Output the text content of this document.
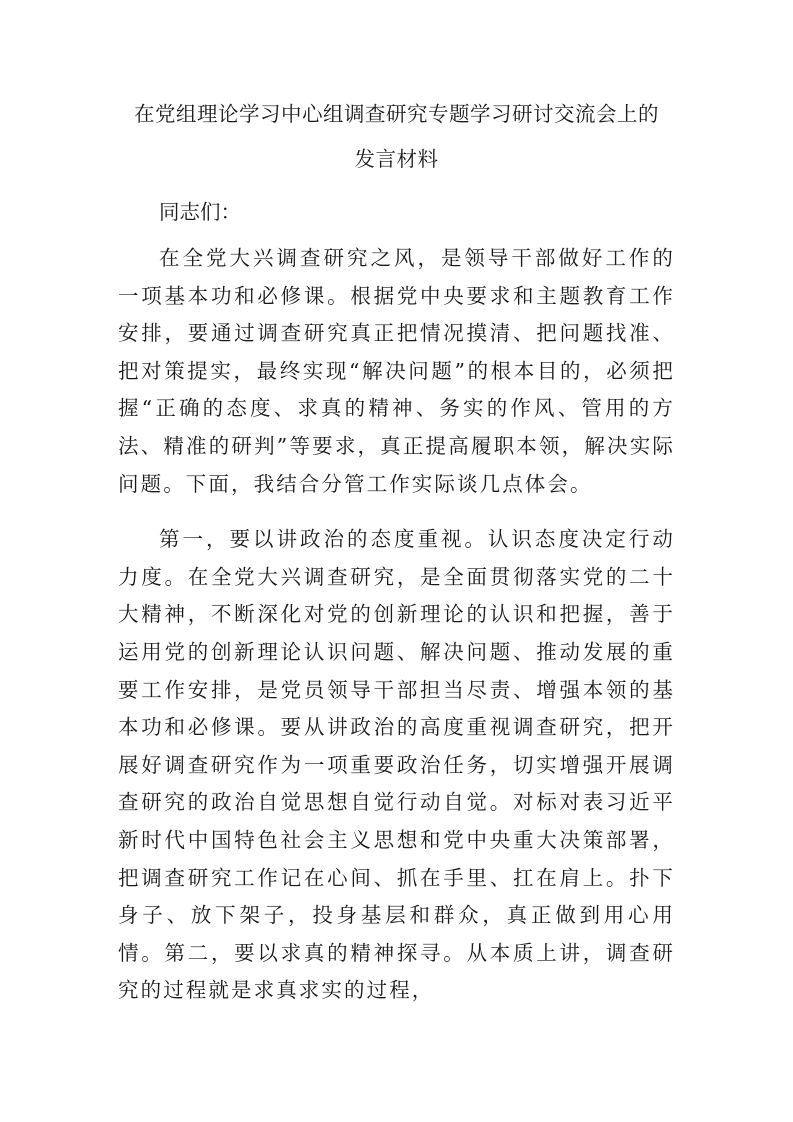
在党组理论学习中心组调查研究专题学习研讨交流会上的
发言材料

同志们：

在全党大兴调查研究之风，是领导干部做好工作的一项基本功和必修课。根据党中央要求和主题教育工作安排，要通过调查研究真正把情况摸清、把问题找准、把对策提实，最终实现“解决问题”的根本目的，必须把握“正确的态度、求真的精神、务实的作风、管用的方法、精准的研判”等要求，真正提高履职本领，解决实际问题。下面，我结合分管工作实际谈几点体会。

第一，要以讲政治的态度重视。认识态度决定行动力度。在全党大兴调查研究，是全面贯彻落实党的二十大精神，不断深化对党的创新理论的认识和把握，善于运用党的创新理论认识问题、解决问题、推动发展的重要工作安排，是党员领导干部担当尽责、增强本领的基本功和必修课。要从讲政治的高度重视调查研究，把开展好调查研究作为一项重要政治任务，切实增强开展调查研究的政治自觉思想自觉行动自觉。对标对表习近平新时代中国特色社会主义思想和党中央重大决策部署，把调查研究工作记在心间、抓在手里、扛在肩上。扑下身子、放下架子，投身基层和群众，真正做到用心用情。第二，要以求真的精神探寻。从本质上讲，调查研究的过程就是求真求实的过程，
